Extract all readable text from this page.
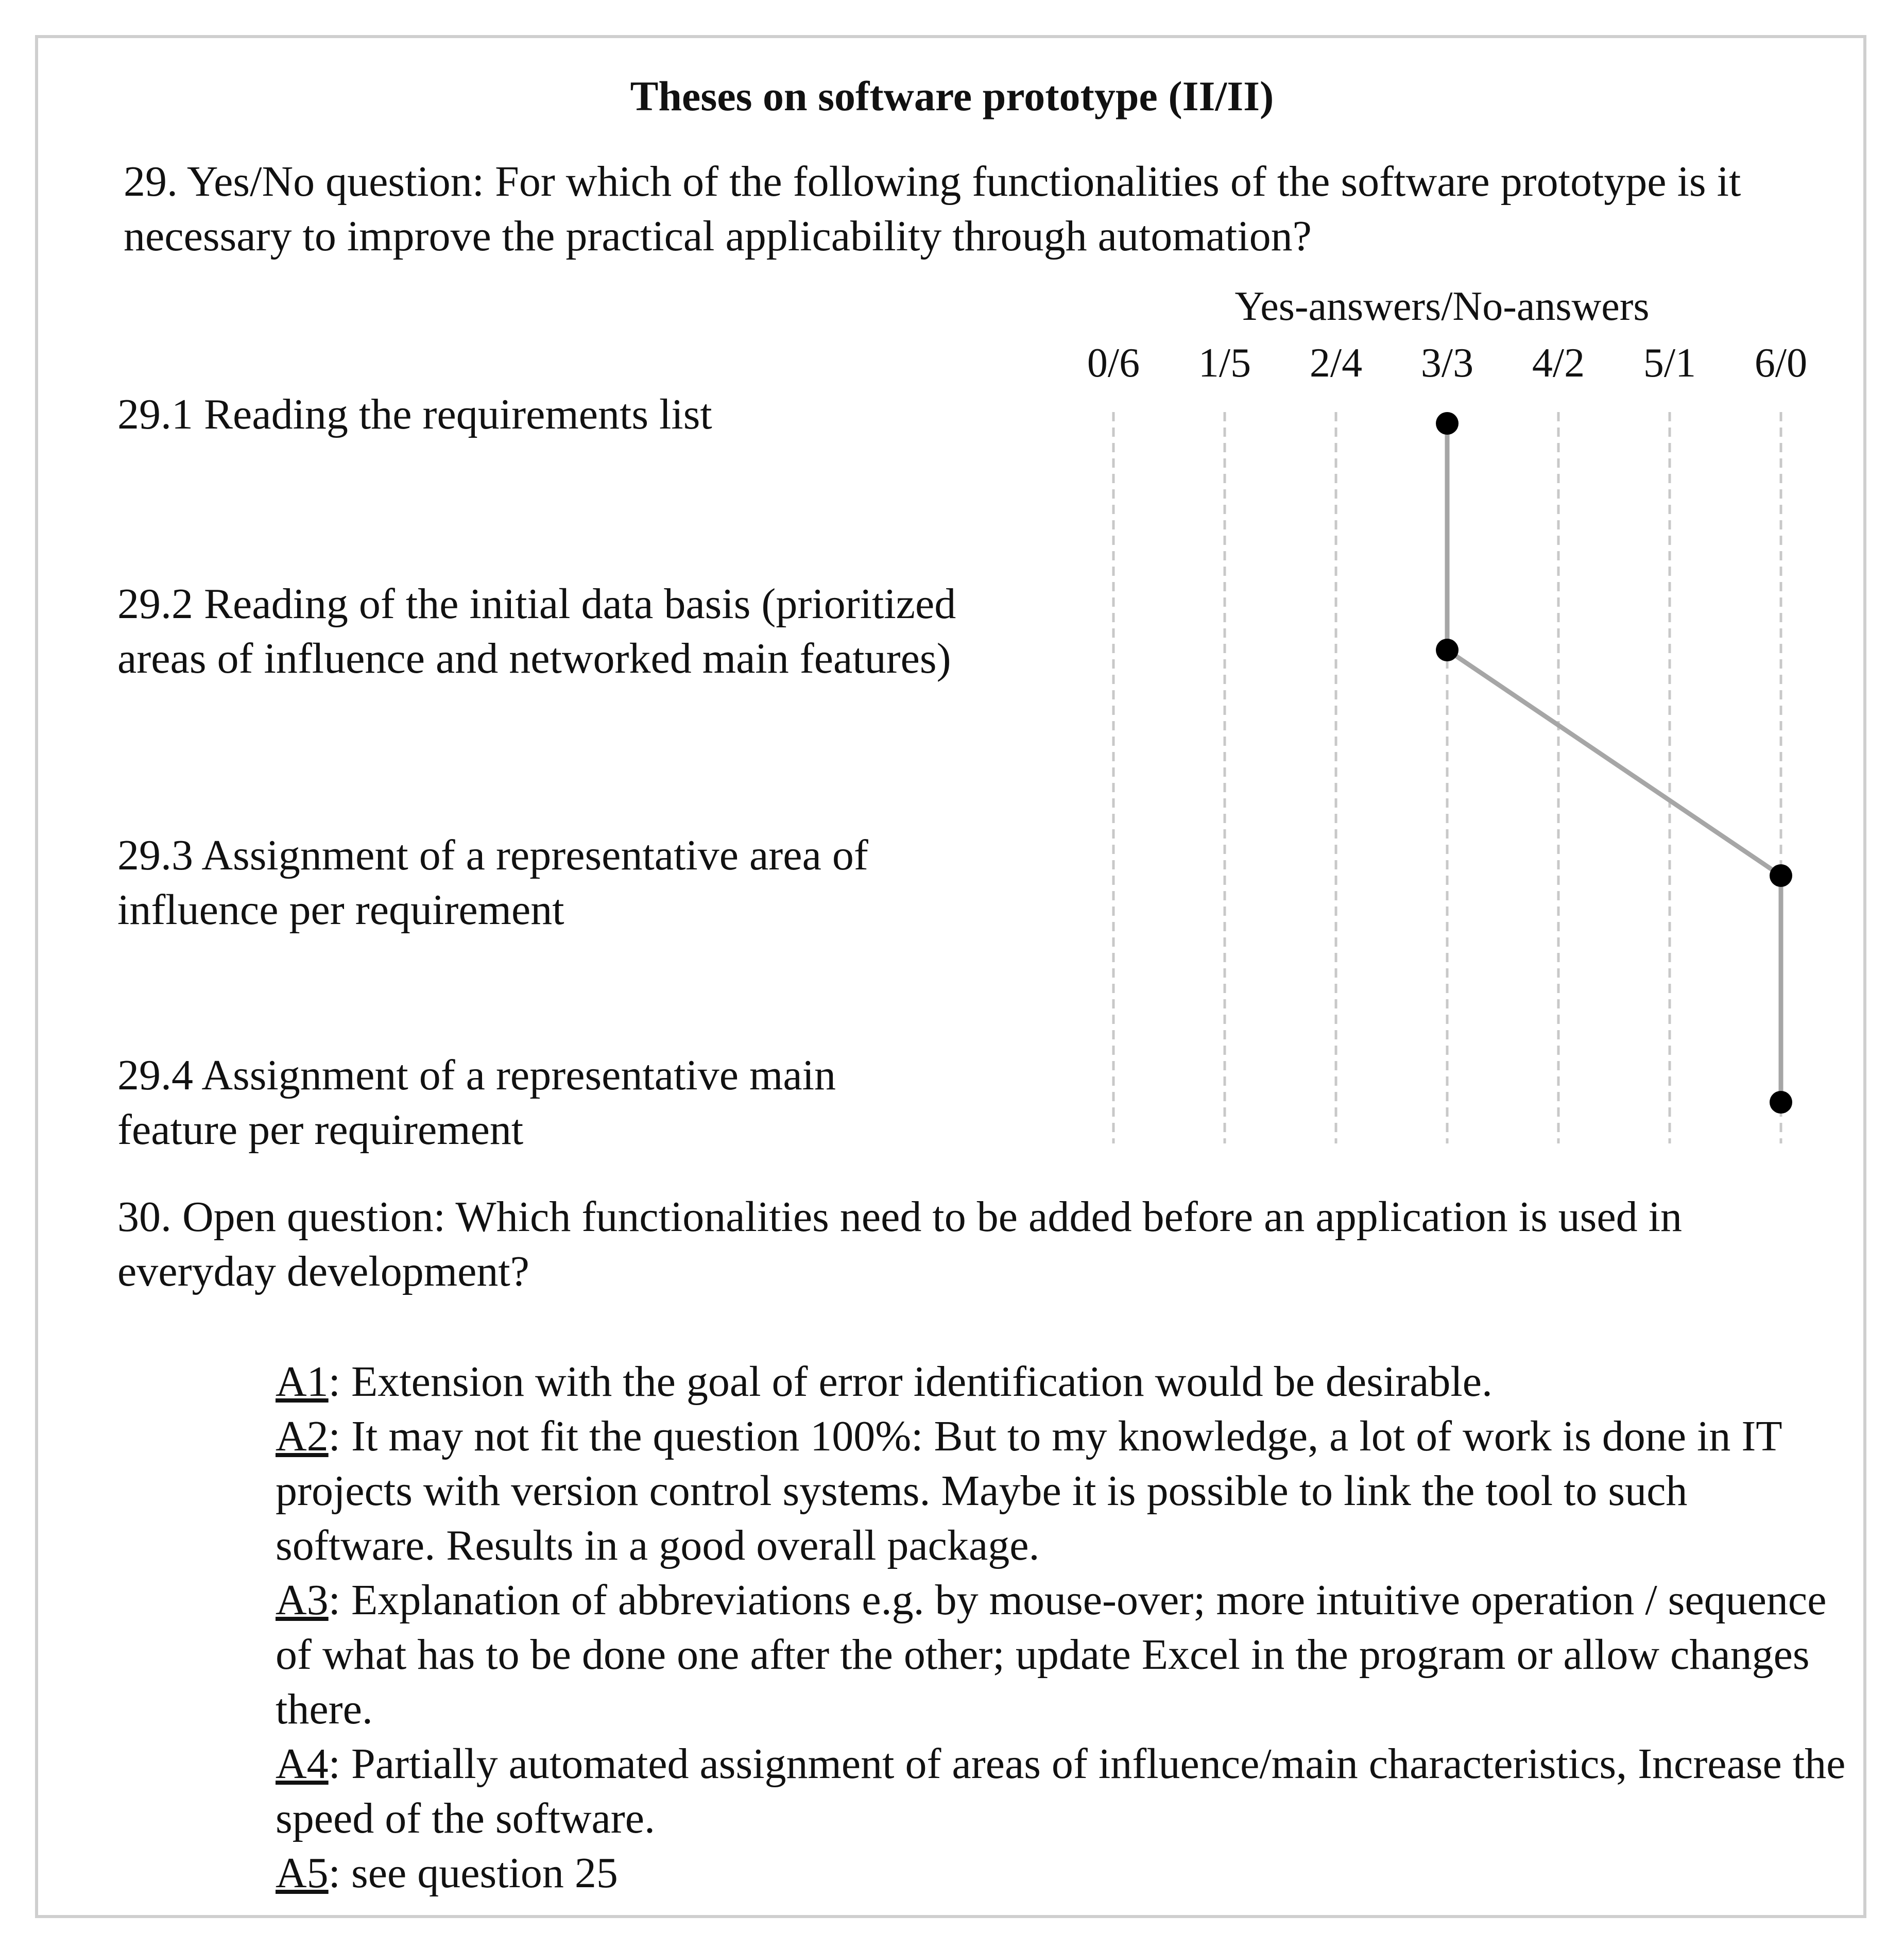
Theses on software prototype (II/II)
29. Yes/No question: For which of the following functionalities of the software prototype is it necessary to improve the practical applicability through automation?
Yes-answers/No-answers
0/6	1/5	2/4	3/3	4/2	5/1	6/0
29.1 Reading the requirements list
29.2 Reading of the initial data basis (prioritized areas of influence and networked main features)
29.3 Assignment of a representative area of influence per requirement
29.4 Assignment of a representative main feature per requirement
30. Open question: Which functionalities need to be added before an application is used in everyday development?
A1: Extension with the goal of error identification would be desirable.
A2: It may not fit the question 100%: But to my knowledge, a lot of work is done in IT projects with version control systems. Maybe it is possible to link the tool to such software. Results in a good overall package.
A3: Explanation of abbreviations e.g. by mouse-over; more intuitive operation / sequence of what has to be done one after the other; update Excel in the program or allow changes there.
A4: Partially automated assignment of areas of influence/main characteristics, Increase the speed of the software.
A5: see question 25
